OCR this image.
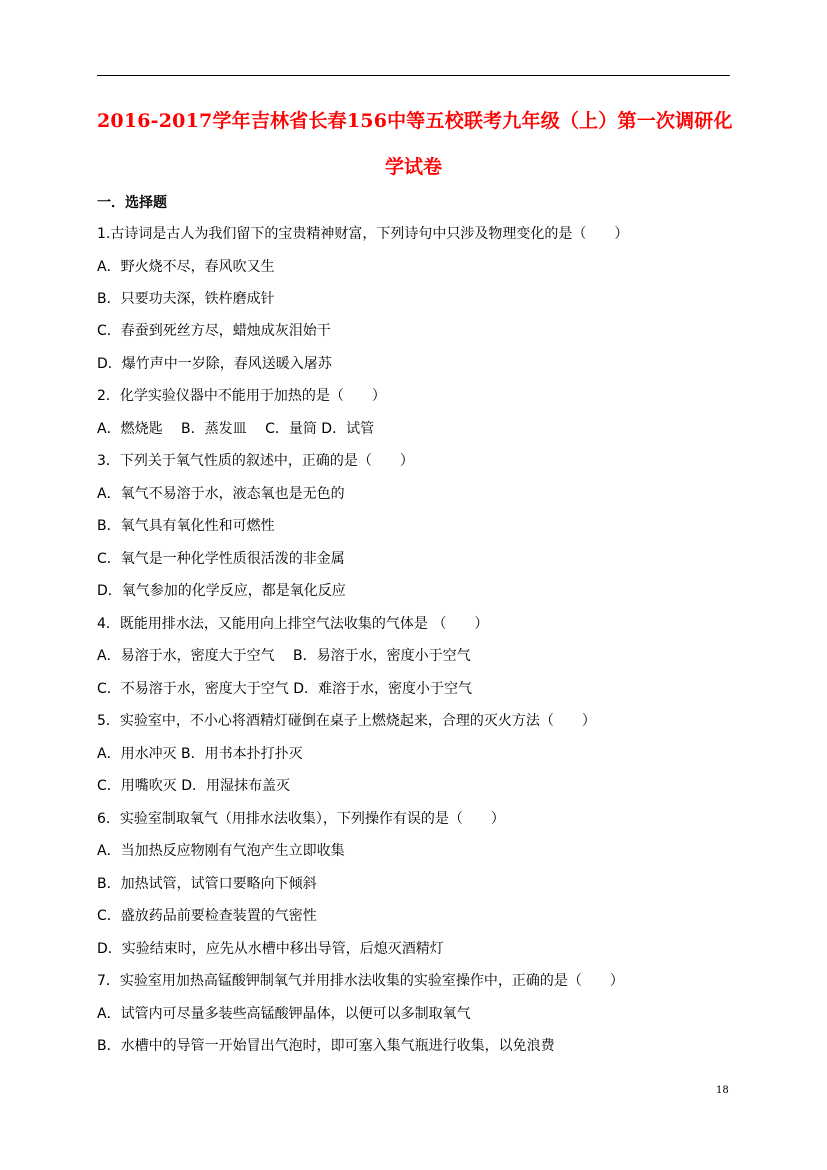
2016-2017学年吉林省长春156中等五校联考九年级（上）第一次调研化
学试卷
一．选择题
1.古诗词是古人为我们留下的宝贵精神财富，下列诗句中只涉及物理变化的是（　　）
A．野火烧不尽，春风吹又生
B．只要功夫深，铁杵磨成针
C．春蚕到死丝方尽，蜡烛成灰泪始干
D．爆竹声中一岁除，春风送暖入屠苏
2．化学实验仪器中不能用于加热的是（　　）
A．燃烧匙　 B．蒸发皿　 C．量筒 D．试管
3．下列关于氧气性质的叙述中，正确的是（　　）
A．氧气不易溶于水，液态氧也是无色的
B．氧气具有氧化性和可燃性
C．氧气是一种化学性质很活泼的非金属
D．氧气参加的化学反应，都是氧化反应
4．既能用排水法，又能用向上排空气法收集的气体是 （　　）
A．易溶于水，密度大于空气　 B．易溶于水，密度小于空气
C．不易溶于水，密度大于空气 D．难溶于水，密度小于空气
5．实验室中，不小心将酒精灯碰倒在桌子上燃烧起来，合理的灭火方法（　　）
A．用水冲灭 B．用书本扑打扑灭
C．用嘴吹灭 D．用湿抹布盖灭
6．实验室制取氧气（用排水法收集），下列操作有误的是（　　）
A．当加热反应物刚有气泡产生立即收集
B．加热试管，试管口要略向下倾斜
C．盛放药品前要检查装置的气密性
D．实验结束时，应先从水槽中移出导管，后熄灭酒精灯
7．实验室用加热高锰酸钾制氧气并用排水法收集的实验室操作中，正确的是（　　）
A．试管内可尽量多装些高锰酸钾晶体，以便可以多制取氧气
B．水槽中的导管一开始冒出气泡时，即可塞入集气瓶进行收集，以免浪费
18
